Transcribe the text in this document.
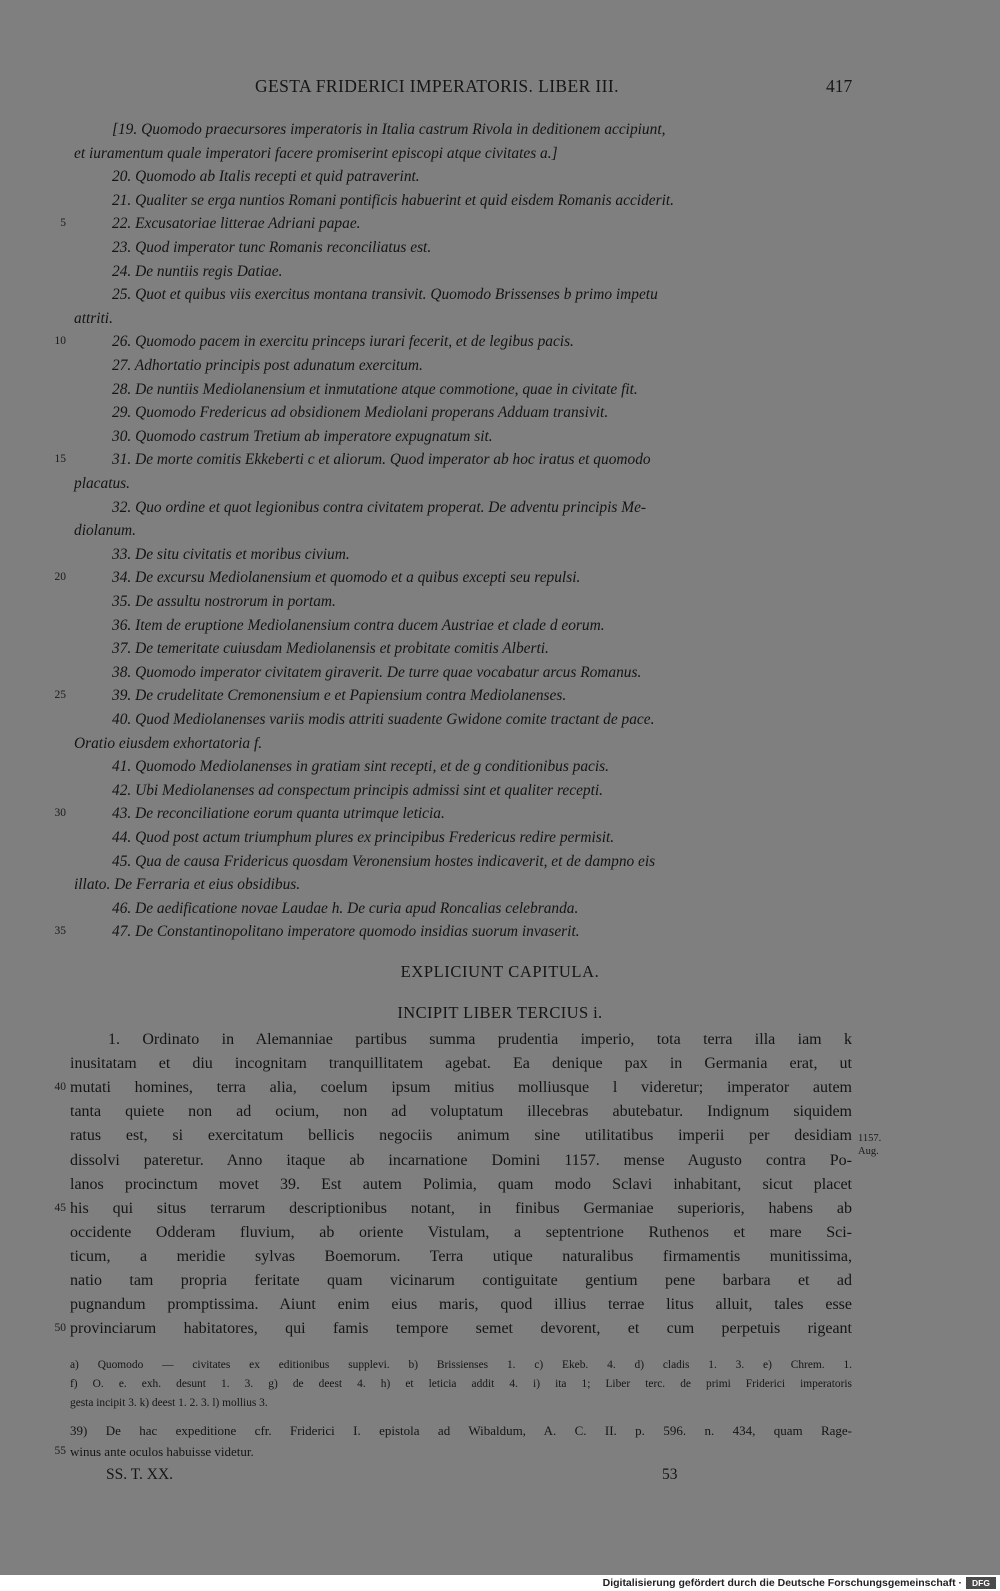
GESTA FRIDERICI IMPERATORIS. LIBER III.	417
[19. Quomodo praecursores imperatoris in Italia castrum Rivola in deditionem accipiunt,
et iuramentum quale imperatori facere promiserint episcopi atque civitates a.]
20. Quomodo ab Italis recepti et quid patraverint.
21. Qualiter se erga nuntios Romani pontificis habuerint et quid eisdem Romanis acciderit.
22. Excusatoriae litterae Adriani papae.
5
23. Quod imperator tunc Romanis reconciliatus est.
24. De nuntiis regis Datiae.
25. Quot et quibus viis exercitus montana transivit. Quomodo Brissenses b primo impetu
attriti.
26. Quomodo pacem in exercitu princeps iurari fecerit, et de legibus pacis.
10
27. Adhortatio principis post adunatum exercitum.
28. De nuntiis Mediolanensium et inmutatione atque commotione, quae in civitate fit.
29. Quomodo Fredericus ad obsidionem Mediolani properans Adduam transivit.
30. Quomodo castrum Tretium ab imperatore expugnatum sit.
31. De morte comitis Ekkeberti c et aliorum. Quod imperator ab hoc iratus et quomodo
15
placatus.
32. Quo ordine et quot legionibus contra civitatem properat. De adventu principis Me-
diolanum.
33. De situ civitatis et moribus civium.
34. De excursu Mediolanensium et quomodo et a quibus excepti seu repulsi.
20
35. De assultu nostrorum in portam.
36. Item de eruptione Mediolanensium contra ducem Austriae et clade d eorum.
37. De temeritate cuiusdam Mediolanensis et probitate comitis Alberti.
38. Quomodo imperator civitatem giraverit. De turre quae vocabatur arcus Romanus.
39. De crudelitate Cremonensium e et Papiensium contra Mediolanenses.
25
40. Quod Mediolanenses variis modis attriti suadente Gwidone comite tractant de pace.
Oratio eiusdem exhortatoria f.
41. Quomodo Mediolanenses in gratiam sint recepti, et de g conditionibus pacis.
42. Ubi Mediolanenses ad conspectum principis admissi sint et qualiter recepti.
43. De reconciliatione eorum quanta utrimque leticia.
30
44. Quod post actum triumphum plures ex principibus Fredericus redire permisit.
45. Qua de causa Fridericus quosdam Veronensium hostes indicaverit, et de dampno eis
illato. De Ferraria et eius obsidibus.
46. De aedificatione novae Laudae h. De curia apud Roncalias celebranda.
47. De Constantinopolitano imperatore quomodo insidias suorum invaserit.
35
EXPLICIUNT CAPITULA.
INCIPIT LIBER TERCIUS i.
1157.
Aug.
1. Ordinato in Alemanniae partibus summa prudentia imperio, tota terra illa iam k
inusitatam et diu incognitam tranquillitatem agebat. Ea denique pax in Germania erat, ut
mutati homines, terra alia, coelum ipsum mitius molliusque l videretur; imperator autem
40
tanta quiete non ad ocium, non ad voluptatum illecebras abutebatur. Indignum siquidem
ratus est, si exercitatum bellicis negociis animum sine utilitatibus imperii per desidiam
dissolvi pateretur. Anno itaque ab incarnatione Domini 1157. mense Augusto contra Po-
lanos procinctum movet 39. Est autem Polimia, quam modo Sclavi inhabitant, sicut placet
his qui situs terrarum descriptionibus notant, in finibus Germaniae superioris, habens ab
45
occidente Odderam fluvium, ab oriente Vistulam, a septentrione Ruthenos et mare Sci-
ticum, a meridie sylvas Boemorum. Terra utique naturalibus firmamentis munitissima,
natio tam propria feritate quam vicinarum contiguitate gentium pene barbara et ad
pugnandum promptissima. Aiunt enim eius maris, quod illius terrae litus alluit, tales esse
provinciarum habitatores, qui famis tempore semet devorent, et cum perpetuis rigeant
50
a) Quomodo — civitates ex editionibus supplevi. b) Brissienses 1. c) Ekeb. 4. d) cladis 1. 3. e) Chrem. 1.
f) O. e. exh. desunt 1. 3. g) de deest 4. h) et leticia addit 4. i) ita 1; Liber terc. de primi Friderici imperatoris
gesta incipit 3. k) deest 1. 2. 3. l) mollius 3.
39) De hac expeditione cfr. Friderici I. epistola ad Wibaldum, A. C. II. p. 596. n. 434, quam Rage-
winus ante oculos habuisse videtur.
55
SS. T. XX.	53
Digitalisierung gefördert durch die Deutsche Forschungsgemeinschaft ·	DFG
